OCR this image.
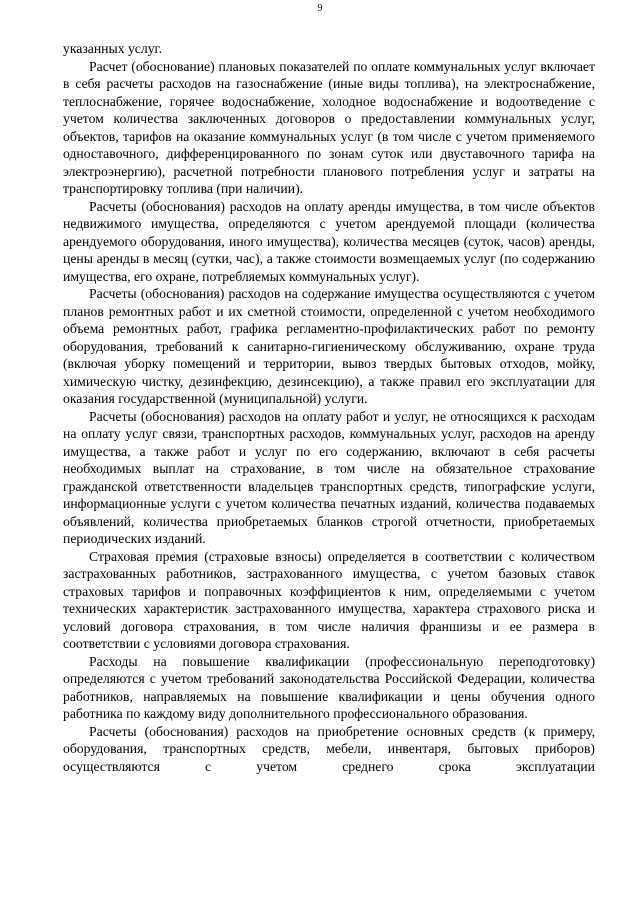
9

указанных услуг.

Расчет (обоснование) плановых показателей по оплате коммунальных услуг включает в себя расчеты расходов на газоснабжение (иные виды топлива), на электроснабжение, теплоснабжение, горячее водоснабжение, холодное водоснабжение и водоотведение с учетом количества заключенных договоров о предоставлении коммунальных услуг, объектов, тарифов на оказание коммунальных услуг (в том числе с учетом применяемого одноставочного, дифференцированного по зонам суток или двуставочного тарифа на электроэнергию), расчетной потребности планового потребления услуг и затраты на транспортировку топлива (при наличии).

Расчеты (обоснования) расходов на оплату аренды имущества, в том числе объектов недвижимого имущества, определяются с учетом арендуемой площади (количества арендуемого оборудования, иного имущества), количества месяцев (суток, часов) аренды, цены аренды в месяц (сутки, час), а также стоимости возмещаемых услуг (по содержанию имущества, его охране, потребляемых коммунальных услуг).

Расчеты (обоснования) расходов на содержание имущества осуществляются с учетом планов ремонтных работ и их сметной стоимости, определенной с учетом необходимого объема ремонтных работ, графика регламентно-профилактических работ по ремонту оборудования, требований к санитарно-гигиеническому обслуживанию, охране труда (включая уборку помещений и территории, вывоз твердых бытовых отходов, мойку, химическую чистку, дезинфекцию, дезинсекцию), а также правил его эксплуатации для оказания государственной (муниципальной) услуги.

Расчеты (обоснования) расходов на оплату работ и услуг, не относящихся к расходам на оплату услуг связи, транспортных расходов, коммунальных услуг, расходов на аренду имущества, а также работ и услуг по его содержанию, включают в себя расчеты необходимых выплат на страхование, в том числе на обязательное страхование гражданской ответственности владельцев транспортных средств, типографские услуги, информационные услуги с учетом количества печатных изданий, количества подаваемых объявлений, количества приобретаемых бланков строгой отчетности, приобретаемых периодических изданий.

Страховая премия (страховые взносы) определяется в соответствии с количеством застрахованных работников, застрахованного имущества, с учетом базовых ставок страховых тарифов и поправочных коэффициентов к ним, определяемыми с учетом технических характеристик застрахованного имущества, характера страхового риска и условий договора страхования, в том числе наличия франшизы и ее размера в соответствии с условиями договора страхования.

Расходы на повышение квалификации (профессиональную переподготовку) определяются с учетом требований законодательства Российской Федерации, количества работников, направляемых на повышение квалификации и цены обучения одного работника по каждому виду дополнительного профессионального образования.

Расчеты (обоснования) расходов на приобретение основных средств (к примеру, оборудования, транспортных средств, мебели, инвентаря, бытовых приборов) осуществляются с учетом среднего срока эксплуатации
